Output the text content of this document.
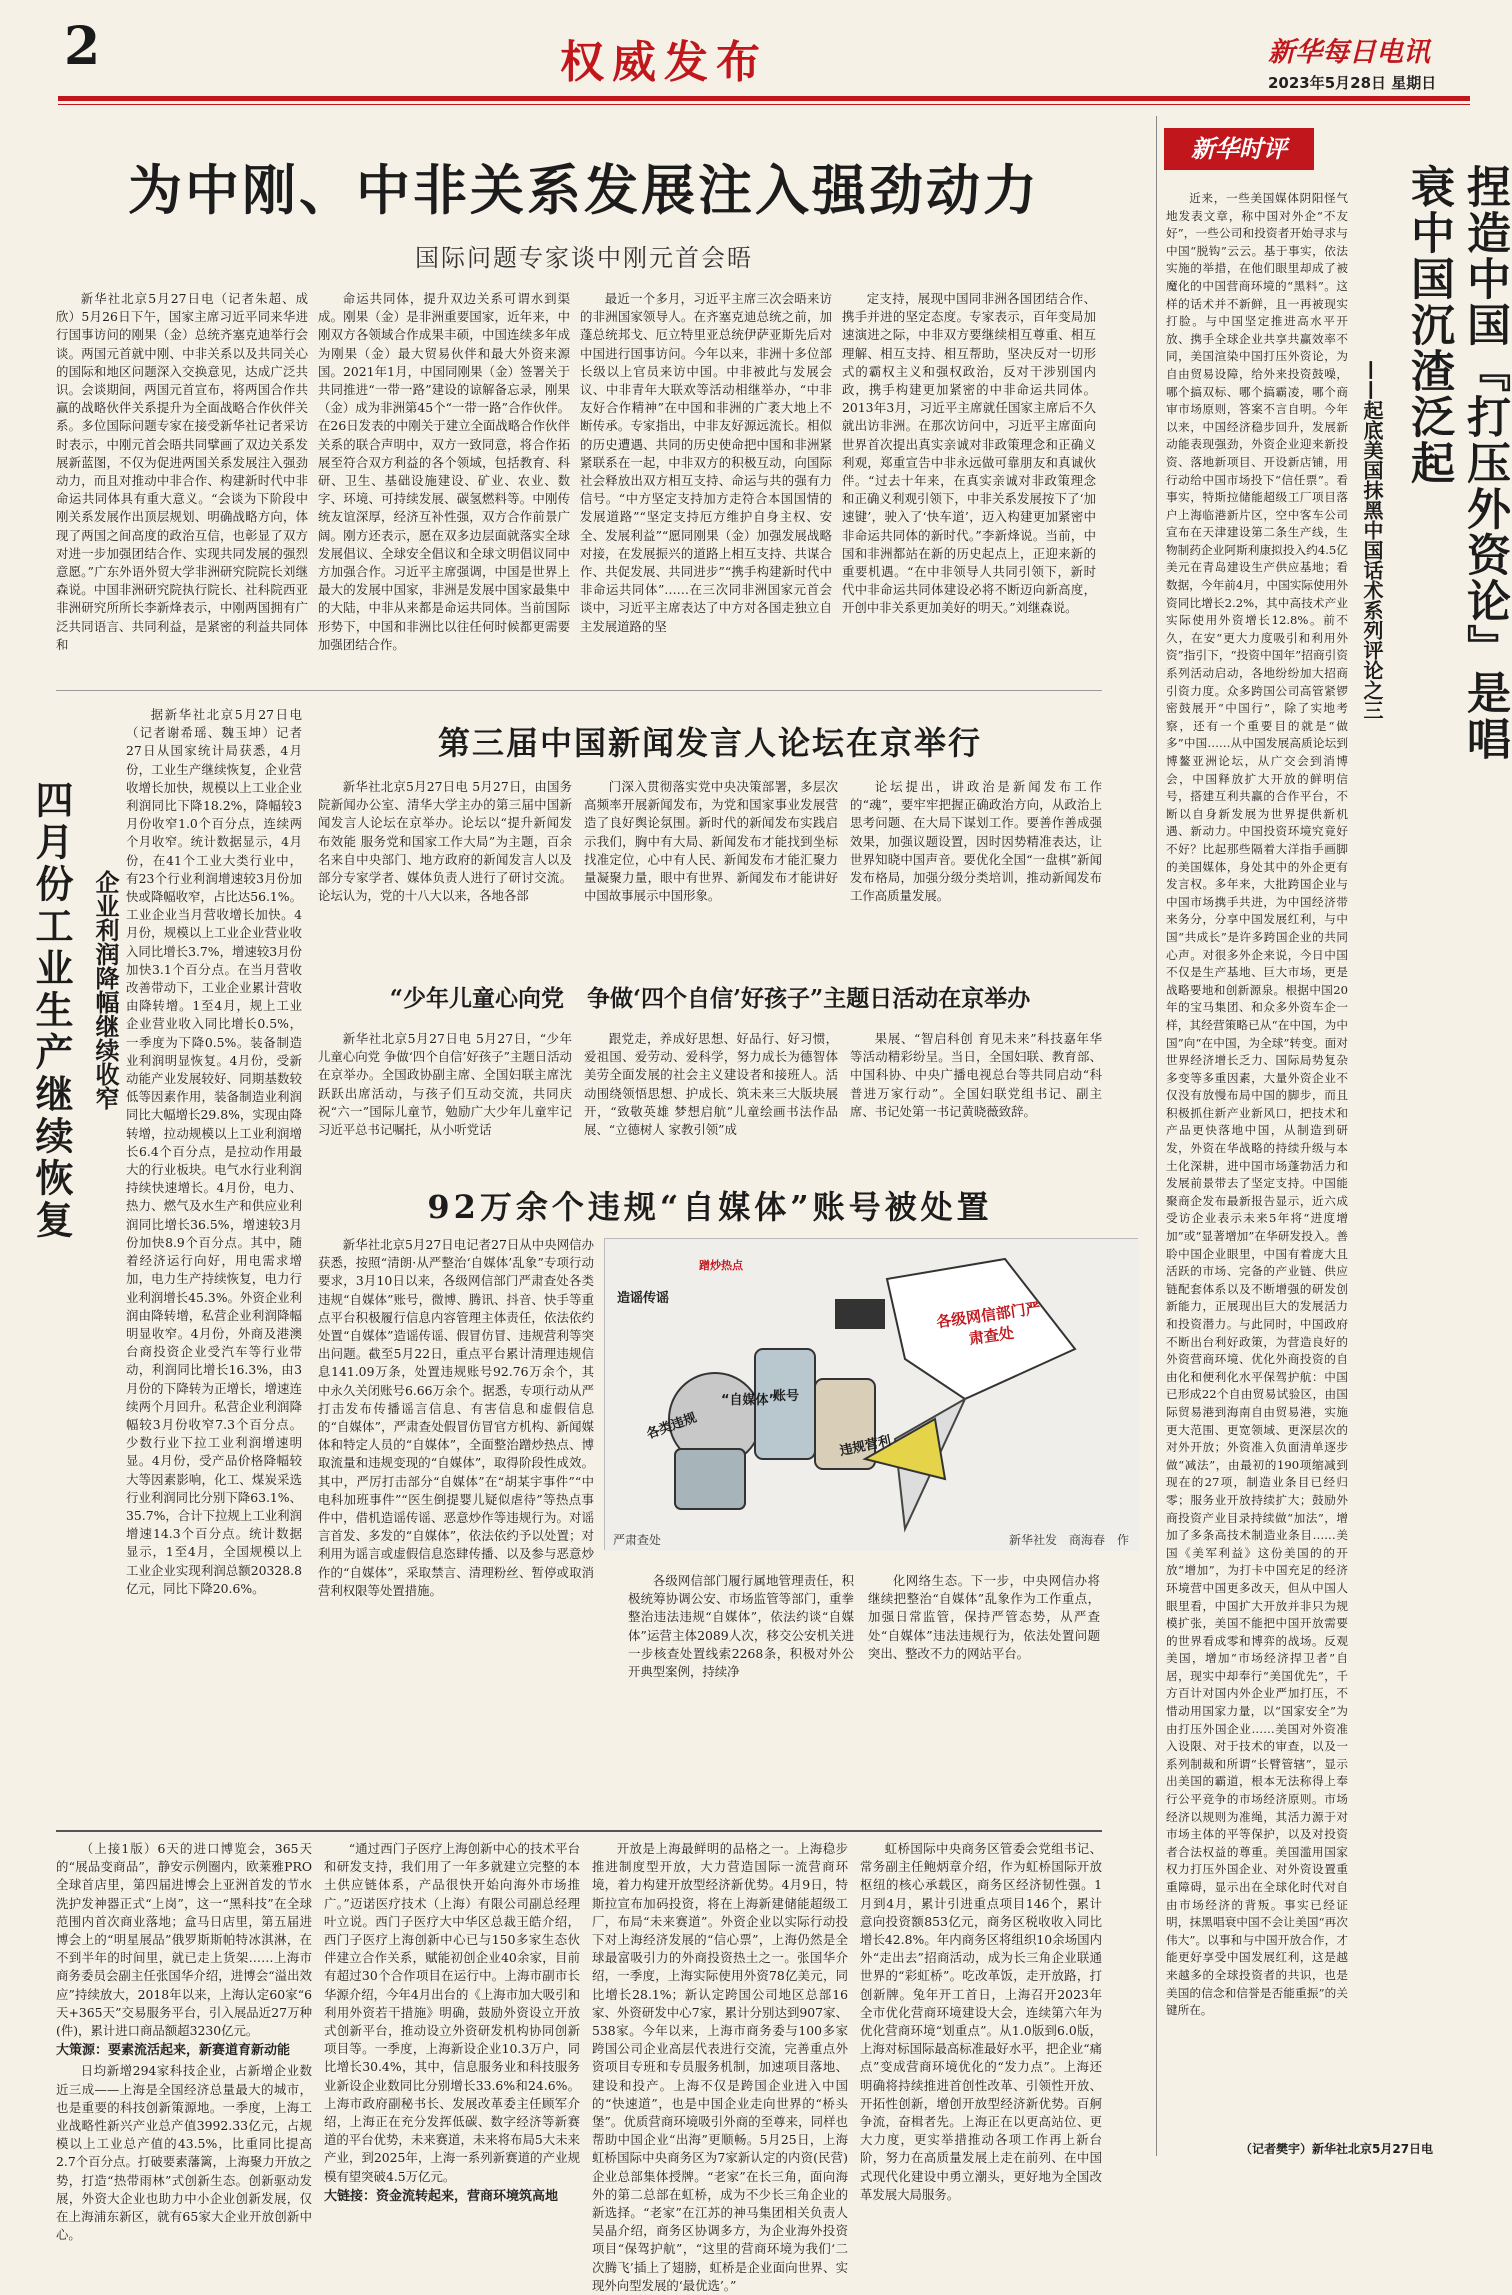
2	权威发布	新华每日电讯
2023年5月28日 星期日
为中刚、中非关系发展注入强劲动力
国际问题专家谈中刚元首会晤

新华社北京5月27日电（记者朱超、成欣）5月26日下午，国家主席习近平同来华进行国事访问的刚果（金）总统齐塞克迪举行会谈。两国元首就中刚、中非关系以及共同关心的国际和地区问题深入交换意见，达成广泛共识。会谈期间，两国元首宣布，将两国合作共赢的战略伙伴关系提升为全面战略合作伙伴关系。多位国际问题专家在接受新华社记者采访时表示，中刚元首会晤共同擘画了双边关系发展新蓝图，不仅为促进两国关系发展注入强劲动力，而且对推动中非合作、构建新时代中非命运共同体具有重大意义。“会谈为下阶段中刚关系发展作出顶层规划、明确战略方向，体现了两国之间高度的政治互信，也彰显了双方对进一步加强团结合作、实现共同发展的强烈意愿。”广东外语外贸大学非洲研究院院长刘继森说。中国非洲研究院执行院长、社科院西亚非洲研究所所长李新烽表示，中刚两国拥有广泛共同语言、共同利益，是紧密的利益共同体和

命运共同体，提升双边关系可谓水到渠成。刚果（金）是非洲重要国家，近年来，中刚双方各领域合作成果丰硕，中国连续多年成为刚果（金）最大贸易伙伴和最大外资来源国。2021年1月，中国同刚果（金）签署关于共同推进“一带一路”建设的谅解备忘录，刚果（金）成为非洲第45个“一带一路”合作伙伴。在26日发表的中刚关于建立全面战略合作伙伴关系的联合声明中，双方一致同意，将合作拓展至符合双方利益的各个领域，包括教育、科研、卫生、基础设施建设、矿业、农业、数字、环境、可持续发展、碳氢燃料等。中刚传统友谊深厚，经济互补性强，双方合作前景广阔。刚方还表示，愿在双多边层面就落实全球发展倡议、全球安全倡议和全球文明倡议同中方加强合作。习近平主席强调，中国是世界上最大的发展中国家，非洲是发展中国家最集中的大陆，中非从来都是命运共同体。当前国际形势下，中国和非洲比以往任何时候都更需要加强团结合作。

最近一个多月，习近平主席三次会晤来访的非洲国家领导人。在齐塞克迪总统之前，加蓬总统邦戈、厄立特里亚总统伊萨亚斯先后对中国进行国事访问。今年以来，非洲十多位部长级以上官员来访中国。中非被此与发展会议、中非青年大联欢等活动相继举办，“中非友好合作精神”在中国和非洲的广袤大地上不断传承。专家指出，中非友好源远流长。相似的历史遭遇、共同的历史使命把中国和非洲紧紧联系在一起，中非双方的积极互动，向国际社会释放出双方相互支持、命运与共的强有力信号。“中方坚定支持加方走符合本国国情的发展道路”“坚定支持厄方维护自身主权、安全、发展利益”“愿同刚果（金）加强发展战略对接，在发展振兴的道路上相互支持、共谋合作、共促发展、共同进步”“携手构建新时代中非命运共同体”……在三次同非洲国家元首会谈中，习近平主席表达了中方对各国走独立自主发展道路的坚

定支持，展现中国同非洲各国团结合作、携手并进的坚定态度。专家表示，百年变局加速演进之际，中非双方要继续相互尊重、相互理解、相互支持、相互帮助，坚决反对一切形式的霸权主义和强权政治，反对干涉别国内政，携手构建更加紧密的中非命运共同体。2013年3月，习近平主席就任国家主席后不久就出访非洲。在那次访问中，习近平主席面向世界首次提出真实亲诚对非政策理念和正确义利观，郑重宣告中非永远做可靠朋友和真诚伙伴。“过去十年来，在真实亲诚对非政策理念和正确义利观引领下，中非关系发展按下了‘加速键’，驶入了‘快车道’，迈入构建更加紧密中非命运共同体的新时代。”李新烽说。当前，中国和非洲都站在新的历史起点上，正迎来新的重要机遇。“在中非领导人共同引领下，新时代中非命运共同体建设必将不断迈向新高度，开创中非关系更加美好的明天。”刘继森说。

四月份工业生产继续恢复 企业利润降幅继续收窄

据新华社北京5月27日电（记者谢希瑶、魏玉坤）记者27日从国家统计局获悉，4月份，工业生产继续恢复，企业营收增长加快，规模以上工业企业利润同比下降18.2%，降幅较3月份收窄1.0个百分点，连续两个月收窄。统计数据显示，4月份，在41个工业大类行业中，有23个行业利润增速较3月份加快或降幅收窄，占比达56.1%。工业企业当月营收增长加快。4月份，规模以上工业企业营业收入同比增长3.7%，增速较3月份加快3.1个百分点。在当月营收改善带动下，工业企业累计营收由降转增。1至4月，规上工业企业营业收入同比增长0.5%，一季度为下降0.5%。装备制造业利润明显恢复。4月份，受新动能产业发展较好、同期基数较低等因素作用，装备制造业利润同比大幅增长29.8%，实现由降转增，拉动规模以上工业利润增长6.4个百分点，是拉动作用最大的行业板块。电气水行业利润持续快速增长。4月份，电力、热力、燃气及水生产和供应业利润同比增长36.5%，增速较3月份加快8.9个百分点。其中，随着经济运行向好，用电需求增加，电力生产持续恢复，电力行业利润增长45.3%。外资企业利润由降转增，私营企业利润降幅明显收窄。4月份，外商及港澳台商投资企业受汽车等行业带动，利润同比增长16.3%，由3月份的下降转为正增长，增速连续两个月回升。私营企业利润降幅较3月份收窄7.3个百分点。少数行业下拉工业利润增速明显。4月份，受产品价格降幅较大等因素影响，化工、煤炭采选行业利润同比分别下降63.1%、35.7%，合计下拉规上工业利润增速14.3个百分点。统计数据显示，1至4月，全国规模以上工业企业实现利润总额20328.8亿元，同比下降20.6%。

第三届中国新闻发言人论坛在京举行

新华社北京5月27日电 5月27日，由国务院新闻办公室、清华大学主办的第三届中国新闻发言人论坛在京举办。论坛以“提升新闻发布效能 服务党和国家工作大局”为主题，百余名来自中央部门、地方政府的新闻发言人以及部分专家学者、媒体负责人进行了研讨交流。论坛认为，党的十八大以来，各地各部

门深入贯彻落实党中央决策部署，多层次高频率开展新闻发布，为党和国家事业发展营造了良好舆论氛围。新时代的新闻发布实践启示我们，胸中有大局、新闻发布才能找到坐标找准定位，心中有人民、新闻发布才能汇聚力量凝聚力量，眼中有世界、新闻发布才能讲好中国故事展示中国形象。

论坛提出，讲政治是新闻发布工作的“魂”，要牢牢把握正确政治方向，从政治上思考问题、在大局下谋划工作。要善作善成强效果，加强议题设置，因时因势精准表达，让世界知晓中国声音。要优化全国“一盘棋”新闻发布格局，加强分级分类培训，推动新闻发布工作高质量发展。

“少年儿童心向党　争做‘四个自信’好孩子”主题日活动在京举办

新华社北京5月27日电 5月27日，“少年儿童心向党 争做‘四个自信’好孩子”主题日活动在京举办。全国政协副主席、全国妇联主席沈跃跃出席活动，与孩子们互动交流，共同庆祝“六一”国际儿童节，勉励广大少年儿童牢记习近平总书记嘱托，从小听党话

跟党走，养成好思想、好品行、好习惯，爱祖国、爱劳动、爱科学，努力成长为德智体美劳全面发展的社会主义建设者和接班人。活动围绕领悟思想、护成长、筑未来三大版块展开，“致敬英雄 梦想启航”儿童绘画书法作品展、“立德树人 家教引领”成

果展、“智启科创 育见未来”科技嘉年华等活动精彩纷呈。当日，全国妇联、教育部、中国科协、中央广播电视总台等共同启动“科普进万家行动”。全国妇联党组书记、副主席、书记处第一书记黄晓薇致辞。

92万余个违规“自媒体”账号被处置

新华社北京5月27日电记者27日从中央网信办获悉，按照“清朗·从严整治‘自媒体’乱象”专项行动要求，3月10日以来，各级网信部门严肃查处各类违规“自媒体”账号，微博、腾讯、抖音、快手等重点平台积极履行信息内容管理主体责任，依法依约处置“自媒体”造谣传谣、假冒仿冒、违规营利等突出问题。截至5月22日，重点平台累计清理违规信息141.09万条，处置违规账号92.76万余个，其中永久关闭账号6.66万余个。据悉，专项行动从严打击发布传播谣言信息、有害信息和虚假信息的“自媒体”，严肃查处假冒仿冒官方机构、新闻媒体和特定人员的“自媒体”，全面整治蹭炒热点、博取流量和违规变现的“自媒体”，取得阶段性成效。其中，严厉打击部分“自媒体”在“胡某宇事件”“中电科加班事件”“医生倒提婴儿疑似虐待”等热点事件中，借机造谣传谣、恶意炒作等违规行为。对谣言首发、多发的“自媒体”，依法依约予以处置；对利用为谣言或虚假信息恣肆传播、以及参与恶意炒作的“自媒体”，采取禁言、清理粉丝、暂停或取消营利权限等处置措施。

造谣传谣
各类违规
“自媒体”
账号
违规营利
蹭炒热点
各级网信部门严肃查处
严肃查处	新华社发　商海春　作

各级网信部门履行属地管理责任，积极统筹协调公安、市场监管等部门，重拳整治违法违规“自媒体”，依法约谈“自媒体”运营主体2089人次，移交公安机关进一步核查处置线索2268条，积极对外公开典型案例，持续净

化网络生态。下一步，中央网信办将继续把整治“自媒体”乱象作为工作重点，加强日常监管，保持严管态势，从严查处“自媒体”违法违规行为，依法处置问题突出、整改不力的网站平台。

（上接1版）6天的进口博览会，365天的“展品变商品”，静安示例圈内，欧莱雅PRO全球首店里，第四届进博会上亚洲首发的节水洗护发神器正式“上岗”，这一“黑科技”在全球范围内首次商业落地；盒马日店里，第五届进博会上的“明星展品”俄罗斯斯帕特冰淇淋，在不到半年的时间里，就已走上货架……上海市商务委员会副主任张国华介绍，进博会“溢出效应”持续放大，2018年以来，上海认定60家“6天+365天”交易服务平台，引入展品近27万种(件)，累计进口商品额超3230亿元。

大策源：要素流活起来，新赛道育新动能

日均新增294家科技企业，占新增企业数近三成——上海是全国经济总量最大的城市，也是重要的科技创新策源地。一季度，上海工业战略性新兴产业总产值3992.33亿元，占规模以上工业总产值的43.5%，比重同比提高2.7个百分点。打破要素藩篱，上海聚力开放之势，打造“热带雨林”式创新生态。创新驱动发展，外资大企业也助力中小企业创新发展，仅在上海浦东新区，就有65家大企业开放创新中心。

“通过西门子医疗上海创新中心的技术平台和研发支持，我们用了一年多就建立完整的本土供应链体系，产品很快开始向海外市场推广。”迈诺医疗技术（上海）有限公司副总经理叶立说。西门子医疗大中华区总裁王皓介绍，西门子医疗上海创新中心已与150多家生态伙伴建立合作关系，赋能初创企业40余家，目前有超过30个合作项目在运行中。上海市副市长华源介绍，今年4月出台的《上海市加大吸引和利用外资若干措施》明确，鼓励外资设立开放式创新平台，推动设立外资研发机构协同创新项目等。一季度，上海新设企业10.3万户，同比增长30.4%，其中，信息服务业和科技服务业新设企业数同比分别增长33.6%和24.6%。上海市政府副秘书长、发展改革委主任顾军介绍，上海正在充分发挥低碳、数字经济等新赛道的平台优势，未来赛道，未来将布局5大未来产业，到2025年，上海一系列新赛道的产业规模有望突破4.5万亿元。

大链接：资金流转起来，营商环境筑高地

开放是上海最鲜明的品格之一。上海稳步推进制度型开放，大力营造国际一流营商环境，着力构建开放型经济新优势。4月9日，特斯拉宣布加码投资，将在上海新建储能超级工厂，布局“未来赛道”。外资企业以实际行动投下对上海经济发展的“信心票”，上海仍然是全球最富吸引力的外商投资热土之一。张国华介绍，一季度，上海实际使用外资78亿美元，同比增长28.1%；新认定跨国公司地区总部16家、外资研发中心7家，累计分别达到907家、538家。今年以来，上海市商务委与100多家跨国公司企业高层代表进行交流，完善重点外资项目专班和专员服务机制，加速项目落地、建设和投产。上海不仅是跨国企业进入中国的“快速道”，也是中国企业走向世界的“桥头堡”。优质营商环境吸引外商的至尊来，同样也帮助中国企业“出海”更顺畅。5月25日，上海虹桥国际中央商务区为7家新认定的内资(民营)企业总部集体授牌。“老家”在长三角，面向海外的第二总部在虹桥，成为不少长三角企业的新选择。“老家”在江苏的神马集团相关负责人吴晶介绍，商务区协调多方，为企业海外投资项目“保驾护航”，“这里的营商环境为我们‘二次腾飞’插上了翅膀，虹桥是企业面向世界、实现外向型发展的‘最优选’。”

虹桥国际中央商务区管委会党组书记、常务副主任鲍炳章介绍，作为虹桥国际开放枢纽的核心承载区，商务区经济韧性强。1月到4月，累计引进重点项目146个，累计意向投资额853亿元，商务区税收收入同比增长42.8%。年内商务区将组织10余场国内外“走出去”招商活动，成为长三角企业联通世界的“彩虹桥”。吃改革饭，走开放路，打创新牌。兔年开工首日，上海召开2023年全市优化营商环境建设大会，连续第六年为优化营商环境“划重点”。从1.0版到6.0版，上海对标国际最高标准最好水平，把企业“痛点”变成营商环境优化的“发力点”。上海还明确将持续推进首创性改革、引领性开放、开拓性创新，增创开放型经济新优势。百舸争流，奋楫者先。上海正在以更高站位、更大力度，更实举措推动各项工作再上新台阶，努力在高质量发展上走在前列、在中国式现代化建设中勇立潮头，更好地为全国改革发展大局服务。

新华时评
捏造中国『打压外资论』是唱衰中国沉渣泛起
——起底美国抹黑中国话术系列评论之三

近来，一些美国媒体阴阳怪气地发表文章，称中国对外企“不友好”，一些公司和投资者开始寻求与中国“脱钩”云云。基于事实，依法实施的举措，在他们眼里却成了被魔化的中国营商环境的“黑料”。这样的话术并不新鲜，且一再被现实打脸。与中国坚定推进高水平开放、携手全球企业共享共赢效率不同，美国渲染中国打压外资论，为自由贸易设障，给外来投资鼓噪，哪个搞双标、哪个搞霸凌，哪个商审市场原则，答案不言自明。今年以来，中国经济稳步回升，发展新动能表现强劲，外资企业迎来新投资、落地新项目、开设新店铺，用行动给中国市场投下“信任票”。看事实，特斯拉储能超级工厂项目落户上海临港新片区，空中客车公司宣布在天津建设第二条生产线，生物制药企业阿斯利康拟投入约4.5亿美元在青岛建设生产供应基地；看数据，今年前4月，中国实际使用外资同比增长2.2%，其中高技术产业实际使用外资增长12.8%。前不久，在安“更大力度吸引和利用外资”指引下，“投资中国年”招商引资系列活动启动，各地纷纷加大招商引资力度。众多跨国公司高管紧锣密鼓展开“中国行”，除了实地考察，还有一个重要目的就是“做多”中国……从中国发展高质论坛到博鳌亚洲论坛，从广交会到消博会，中国释放扩大开放的鲜明信号，搭建互利共赢的合作平台，不断以自身新发展为世界提供新机遇、新动力。中国投资环境究竟好不好？比起那些隔着大洋指手画脚的美国媒体，身处其中的外企更有发言权。多年来，大批跨国企业与中国市场携手共进，为中国经济带来务分，分享中国发展红利，与中国“共成长”是许多跨国企业的共同心声。对很多外企来说，今日中国不仅是生产基地、巨大市场，更是战略要地和创新源泉。根据中国20年的宝马集团、和众多外资车企一样，其经营策略已从“在中国，为中国”向“在中国，为全球”转变。面对世界经济增长乏力、国际局势复杂多变等多重因素，大量外资企业不仅没有放慢布局中国的脚步，而且积极抓住新产业新风口，把技术和产品更快落地中国，从制造到研发，外资在华战略的持续升级与本土化深耕，进中国市场蓬勃活力和发展前景带去了坚定支持。中国能聚商企发布最新报告显示，近六成受访企业表示未来5年将“进度增加”或“显著增加”在华研发投入。善聆中国企业眼里，中国有着庞大且活跃的市场、完备的产业链、供应链配套体系以及不断增强的研发创新能力，正展现出巨大的发展活力和投资潜力。与此同时，中国政府不断出台利好政策，为营造良好的外资营商环境、优化外商投资的自由化和便利化水平保驾护航：中国已形成22个自由贸易试验区，由国际贸易港到海南自由贸易港，实施更大范围、更宽领域、更深层次的对外开放；外资准入负面清单逐步做“减法”，由最初的190项缩减到现在的27项，制造业条目已经归零；服务业开放持续扩大；鼓励外商投资产业目录持续做“加法”，增加了多条高技术制造业条目……美国《美军利益》这份美国的的开放“增加”，为打卡中国充足的经济环境营中国更多改天，但从中国人眼里看，中国扩大开放并非只为规模扩张，美国不能把中国开放需要的世界看成零和博弈的战场。反观美国，增加“市场经济捍卫者”自居，现实中却奉行“美国优先”，千方百计对国内外企业严加打压，不惜动用国家力量，以“国家安全”为由打压外国企业……美国对外资准入设限、对于技术的审查，以及一系列制裁和所谓“长臂管辖”，显示出美国的霸道，根本无法称得上奉行公平竞争的市场经济原则。市场经济以规则为准绳，其活力源于对市场主体的平等保护，以及对投资者合法权益的尊重。美国滥用国家权力打压外国企业、对外资设置重重障碍，显示出在全球化时代对自由市场经济的背叛。事实已经证明，抹黑唱衰中国不会让美国“再次伟大”。以事和与中国开放合作，才能更好享受中国发展红利，这是越来越多的全球投资者的共识，也是美国的信念和信誉是否能重振”的关键所在。

（记者樊宇）新华社北京5月27日电
